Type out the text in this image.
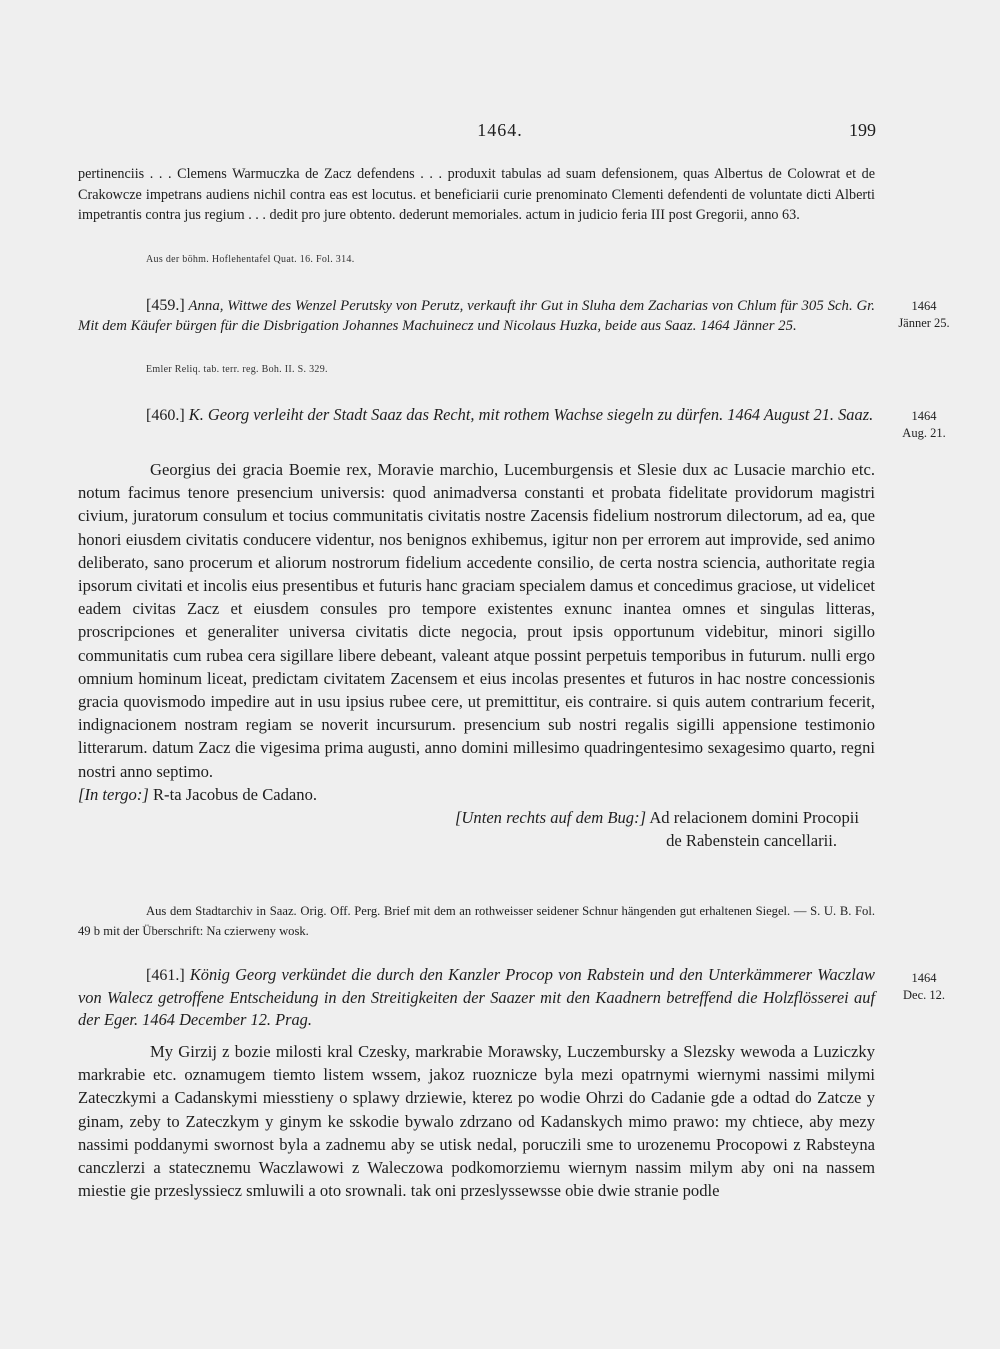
1464.	199
pertinenciis . . . Clemens Warmuczka de Zacz defendens . . . produxit tabulas ad suam defensionem, quas Albertus de Colowrat et de Crakowcze impetrans audiens nichil contra eas est locutus. et beneficiarii curie prenominato Clementi defendenti de voluntate dicti Alberti impetrantis contra jus regium . . . dedit pro jure obtento. dederunt memoriales. actum in judicio feria III post Gregorii, anno 63.
Aus der böhm. Hoflehentafel Quat. 16. Fol. 314.
[459.] Anna, Wittwe des Wenzel Perutsky von Perutz, verkauft ihr Gut in Sluha dem Zacharias von Chlum für 305 Sch. Gr. Mit dem Käufer bürgen für die Disbrigation Johannes Machuinecz und Nicolaus Huzka, beide aus Saaz. 1464 Jänner 25.
1464
Jänner 25.
Emler Reliq. tab. terr. reg. Boh. II. S. 329.
[460.] K. Georg verleiht der Stadt Saaz das Recht, mit rothem Wachse siegeln zu dürfen. 1464 August 21. Saaz.	1464
Aug. 21.

Georgius dei gracia Boemie rex, Moravie marchio, Lucemburgensis et Slesie dux ac Lusacie marchio etc. notum facimus tenore presencium universis: quod animadversa constanti et probata fidelitate providorum magistri civium, juratorum consulum et tocius communitatis civitatis nostre Zacensis fidelium nostrorum dilectorum, ad ea, que honori eiusdem civitatis conducere videntur, nos benignos exhibemus, igitur non per errorem aut improvide, sed animo deliberato, sano procerum et aliorum nostrorum fidelium accedente consilio, de certa nostra sciencia, authoritate regia ipsorum civitati et incolis eius presentibus et futuris hanc graciam specialem damus et concedimus graciose, ut videlicet eadem civitas Zacz et eiusdem consules pro tempore existentes exnunc inantea omnes et singulas litteras, proscripciones et generaliter universa civitatis dicte negocia, prout ipsis opportunum videbitur, minori sigillo communitatis cum rubea cera sigillare libere debeant, valeant atque possint perpetuis temporibus in futurum. nulli ergo omnium hominum liceat, predictam civitatem Zacensem et eius incolas presentes et futuros in hac nostre concessionis gracia quovismodo impedire aut in usu ipsius rubee cere, ut premittitur, eis contraire. si quis autem contrarium fecerit, indignacionem nostram regiam se noverit incursurum. presencium sub nostri regalis sigilli appensione testimonio litterarum. datum Zacz die vigesima prima augusti, anno domini millesimo quadringentesimo sexagesimo quarto, regni nostri anno septimo.

[In tergo:] R-ta Jacobus de Cadano.

[Unten rechts auf dem Bug:] Ad relacionem domini Procopii

de Rabenstein cancellarii.

Aus dem Stadtarchiv in Saaz. Orig. Off. Perg. Brief mit dem an rothweisser seidener Schnur hängenden gut erhaltenen Siegel. — S. U. B. Fol. 49 b mit der Überschrift: Na czierweny wosk.
[461.] König Georg verkündet die durch den Kanzler Procop von Rabstein und den Unterkämmerer Waczlaw von Walecz getroffene Entscheidung in den Streitigkeiten der Saazer mit den Kaadnern betreffend die Holzflösserei auf der Eger. 1464 December 12. Prag.
1464
Dec. 12.

My Girzij z bozie milosti kral Czesky, markrabie Morawsky, Luczemburskу a Slezsky wewoda a Luziczky markrabie etc. oznamugem tiemto listem wssem, jakoz ruoznicze byla mezi opatrnymi wiernymi nassimi milymi Zateczkymi a Cadanskymi miesstieny o splawy drziewie, kterez po wodie Ohrzi do Cadanie gde a odtad do Zatcze y ginam, zeby to Zateczkym y ginym ke sskodie bywalo zdrzano od Kadanskych mimo prawo: my chtiece, aby mezy nassimi poddanymi swornost byla a zadnemu aby se utisk nedal, poruczili sme to urozenemu Procopowi z Rabsteyna canczlerzi a statecznemu Waczlawowi z Waleczowa podkomorziemu wiernym nassim milym aby oni na nassem miestie gie przeslyssiecz smluwili a oto srownali. tak oni przeslyssewsse obie dwie stranie podle
